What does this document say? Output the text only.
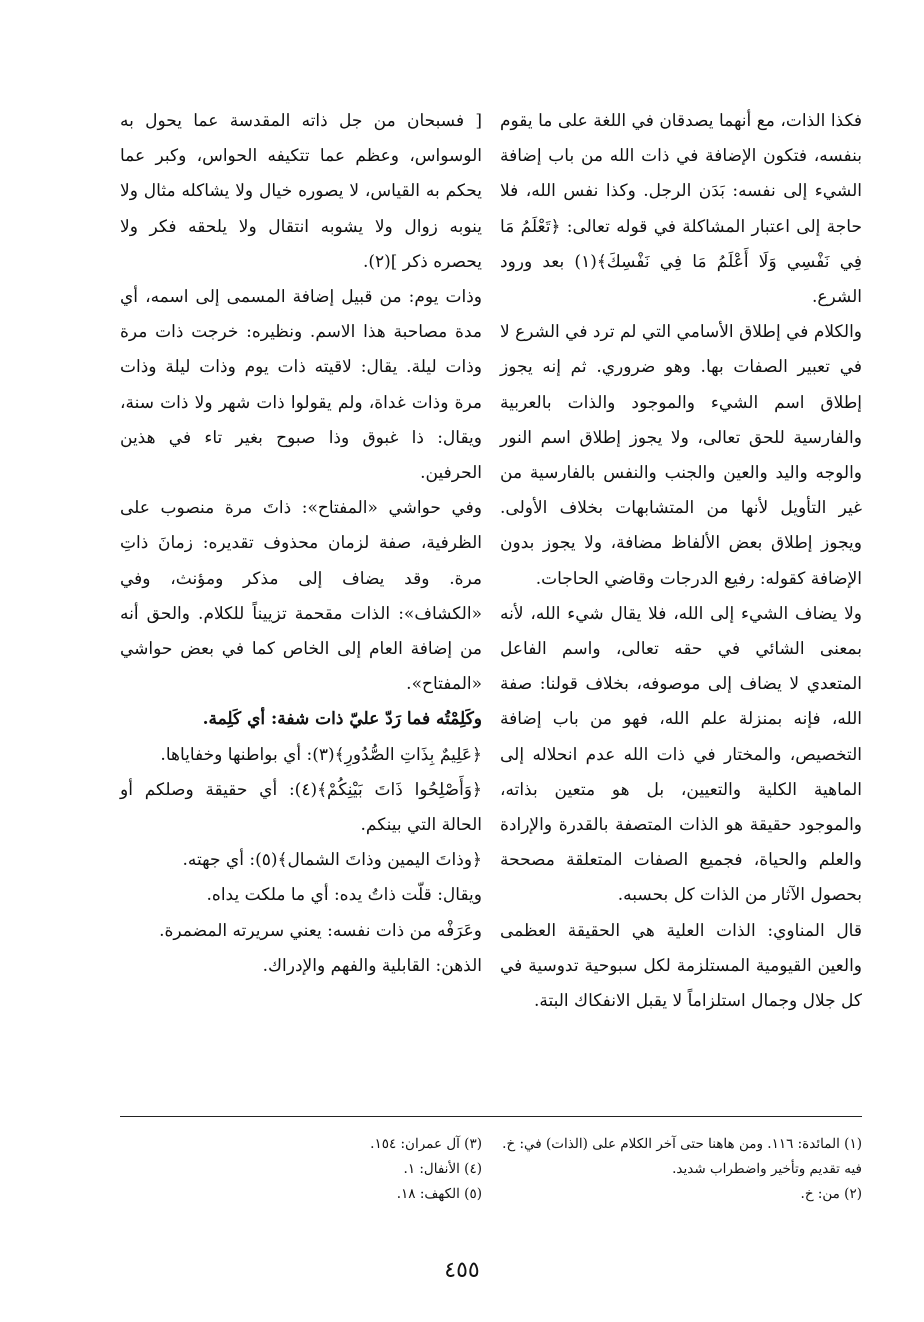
فكذا الذات، مع أنهما يصدقان في اللغة على ما يقوم بنفسه، فتكون الإضافة في ذات الله من باب إضافة الشيء إلى نفسه: بَدَن الرجل. وكذا نفس الله، فلا حاجة إلى اعتبار المشاكلة في قوله تعالى: ﴿تَعْلَمُ مَا فِي نَفْسِي وَلَا أَعْلَمُ مَا فِي نَفْسِكَ﴾(١) بعد ورود الشرع.

والكلام في إطلاق الأسامي التي لم ترد في الشرع لا في تعبير الصفات بها. وهو ضروري. ثم إنه يجوز إطلاق اسم الشيء والموجود والذات بالعربية والفارسية للحق تعالى، ولا يجوز إطلاق اسم النور والوجه واليد والعين والجنب والنفس بالفارسية من غير التأويل لأنها من المتشابهات بخلاف الأولى. ويجوز إطلاق بعض الألفاظ مضافة، ولا يجوز بدون الإضافة كقوله: رفيع الدرجات وقاضي الحاجات.

ولا يضاف الشيء إلى الله، فلا يقال شيء الله، لأنه بمعنى الشائي في حقه تعالى، واسم الفاعل المتعدي لا يضاف إلى موصوفه، بخلاف قولنا: صفة الله، فإنه بمنزلة علم الله، فهو من باب إضافة التخصيص، والمختار في ذات الله عدم انحلاله إلى الماهية الكلية والتعيين، بل هو متعين بذاته، والموجود حقيقة هو الذات المتصفة بالقدرة والإرادة والعلم والحياة، فجميع الصفات المتعلقة مصححة بحصول الآثار من الذات كل بحسبه.

قال المناوي: الذات العلية هي الحقيقة العظمى والعين القيومية المستلزمة لكل سبوحية تدوسية في كل جلال وجمال استلزاماً لا يقبل الانفكاك البتة.

[ فسبحان من جل ذاته المقدسة عما يحول به الوسواس، وعظم عما تتكيفه الحواس، وكبر عما يحكم به القياس، لا يصوره خيال ولا يشاكله مثال ولا ينوبه زوال ولا يشوبه انتقال ولا يلحقه فكر ولا يحصره ذكر ](٢).

وذات يوم: من قبيل إضافة المسمى إلى اسمه، أي مدة مصاحبة هذا الاسم. ونظيره: خرجت ذات مرة وذات ليلة. يقال: لاقيته ذات يوم وذات ليلة وذات مرة وذات غداة، ولم يقولوا ذات شهر ولا ذات سنة، ويقال: ذا غبوق وذا صبوح بغير تاء في هذين الحرفين.

وفي حواشي «المفتاح»: ذاتَ مرة منصوب على الظرفية، صفة لزمان محذوف تقديره: زمانَ ذاتِ مرة. وقد يضاف إلى مذكر ومؤنث، وفي «الكشاف»: الذات مقحمة تزييناً للكلام. والحق أنه من إضافة العام إلى الخاص كما في بعض حواشي «المفتاح».

وكَلِمْتُه فما رَدّ عليّ ذات شفة: أي كَلِمة.

﴿عَلِيمٌ بِذَاتِ الصُّدُورِ﴾(٣): أي بواطنها وخفاياها.

﴿وَأَصْلِحُوا ذَاتَ بَيْنِكُمْ﴾(٤): أي حقيقة وصلكم أو الحالة التي بينكم.

﴿وذاتَ اليمين وذاتَ الشمال﴾(٥): أي جهته.

ويقال: قلّت ذاتُ يده: أي ما ملكت يداه.

وعَرَفْه من ذات نفسه: يعني سريرته المضمرة.

الذهن: القابلية والفهم والإدراك.

(١) المائدة: ١١٦. ومن هاهنا حتى آخر الكلام على (الذات) في: خ. فيه تقديم وتأخير واضطراب شديد.

(٢) من: خ.

(٣) آل عمران: ١٥٤.

(٤) الأنفال: ١.

(٥) الكهف: ١٨.

٤٥٥
